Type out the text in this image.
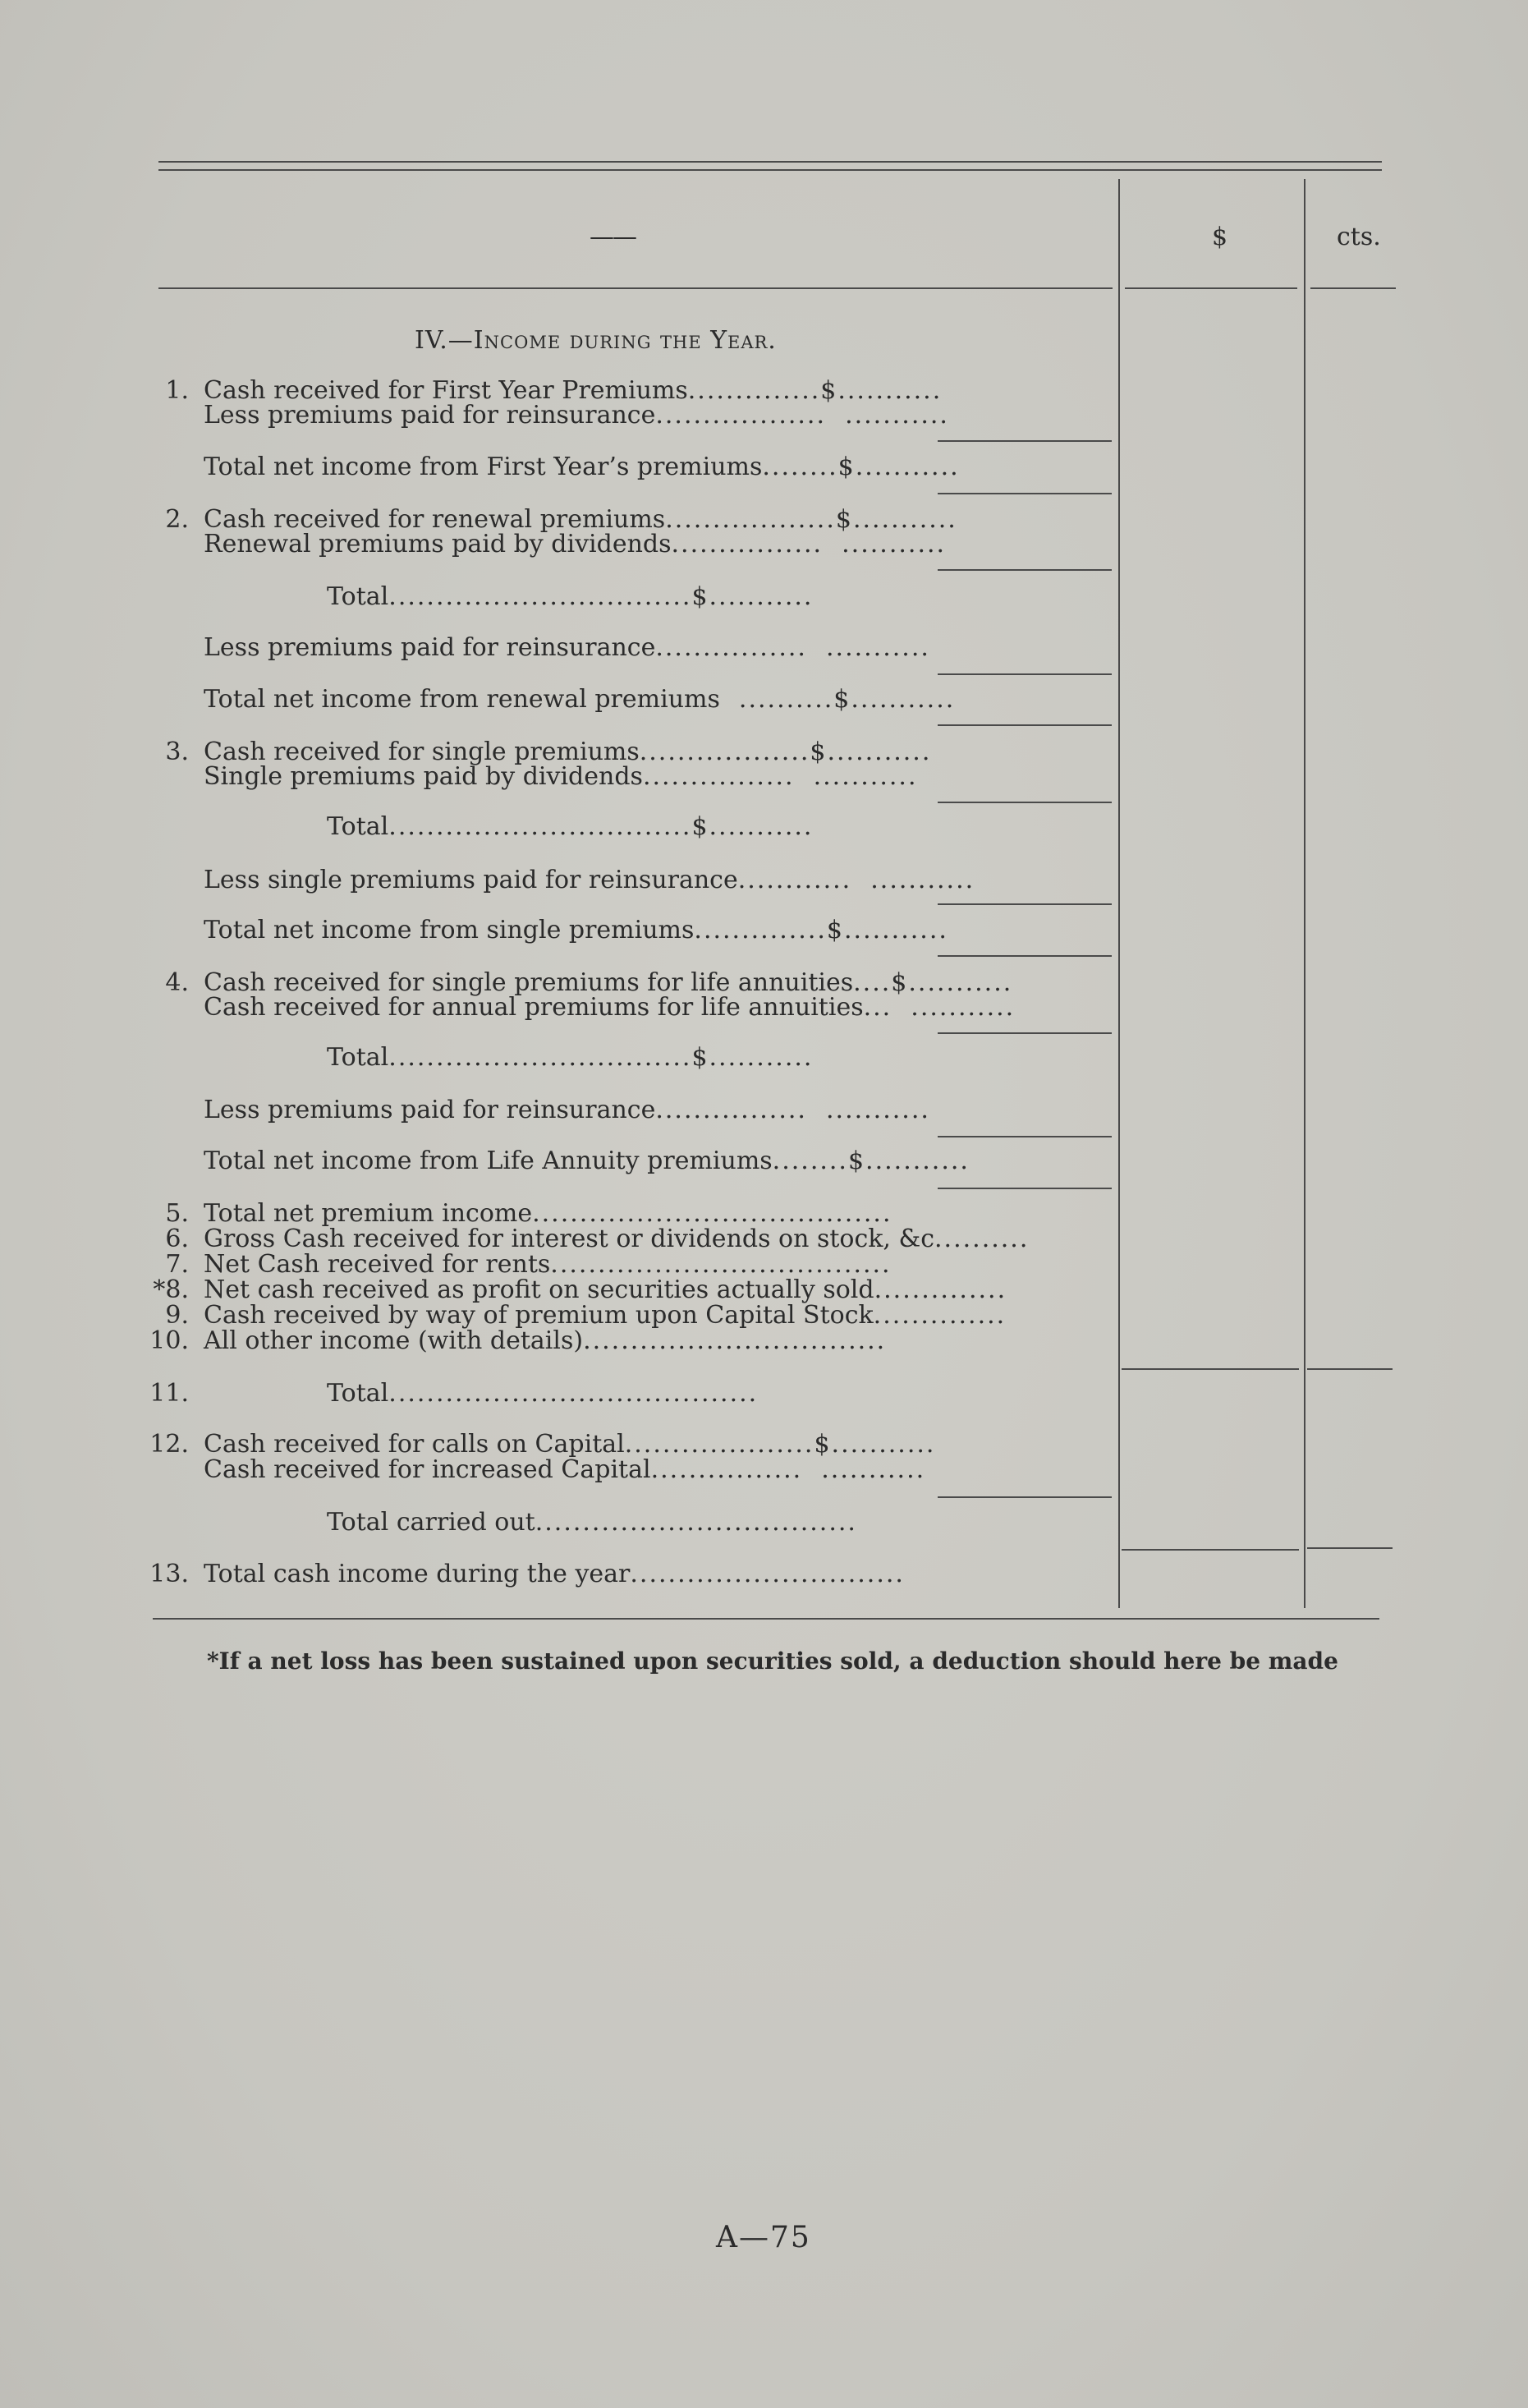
——	$	cts.
IV.—Income during the Year.
1. Cash received for First Year Premiums..............$...........
Less premiums paid for reinsurance..................  ...........
Total net income from First Year’s premiums........$...........
2. Cash received for renewal premiums..................$...........
Renewal premiums paid by dividends................  ...........
Total................................$...........
Less premiums paid for reinsurance................  ...........
Total net income from renewal premiums  ..........$...........
3. Cash received for single premiums..................$...........
Single premiums paid by dividends................  ...........
Total................................$...........
Less single premiums paid for reinsurance............  ...........
Total net income from single premiums..............$...........
4. Cash received for single premiums for life annuities....$...........
Cash received for annual premiums for life annuities...  ...........
Total................................$...........
Less premiums paid for reinsurance................  ...........
Total net income from Life Annuity premiums........$...........
5. Total net premium income......................................
6. Gross Cash received for interest or dividends on stock, &c..........
7. Net Cash received for rents....................................
*8. Net cash received as profit on securities actually sold..............
9. Cash received by way of premium upon Capital Stock..............
10. All other income (with details)................................
11.	Total.......................................
12. Cash received for calls on Capital....................$...........
Cash received for increased Capital................  ...........
Total carried out..................................
13. Total cash income during the year.............................
*If a net loss has been sustained upon securities sold, a deduction should here be made
A—75
